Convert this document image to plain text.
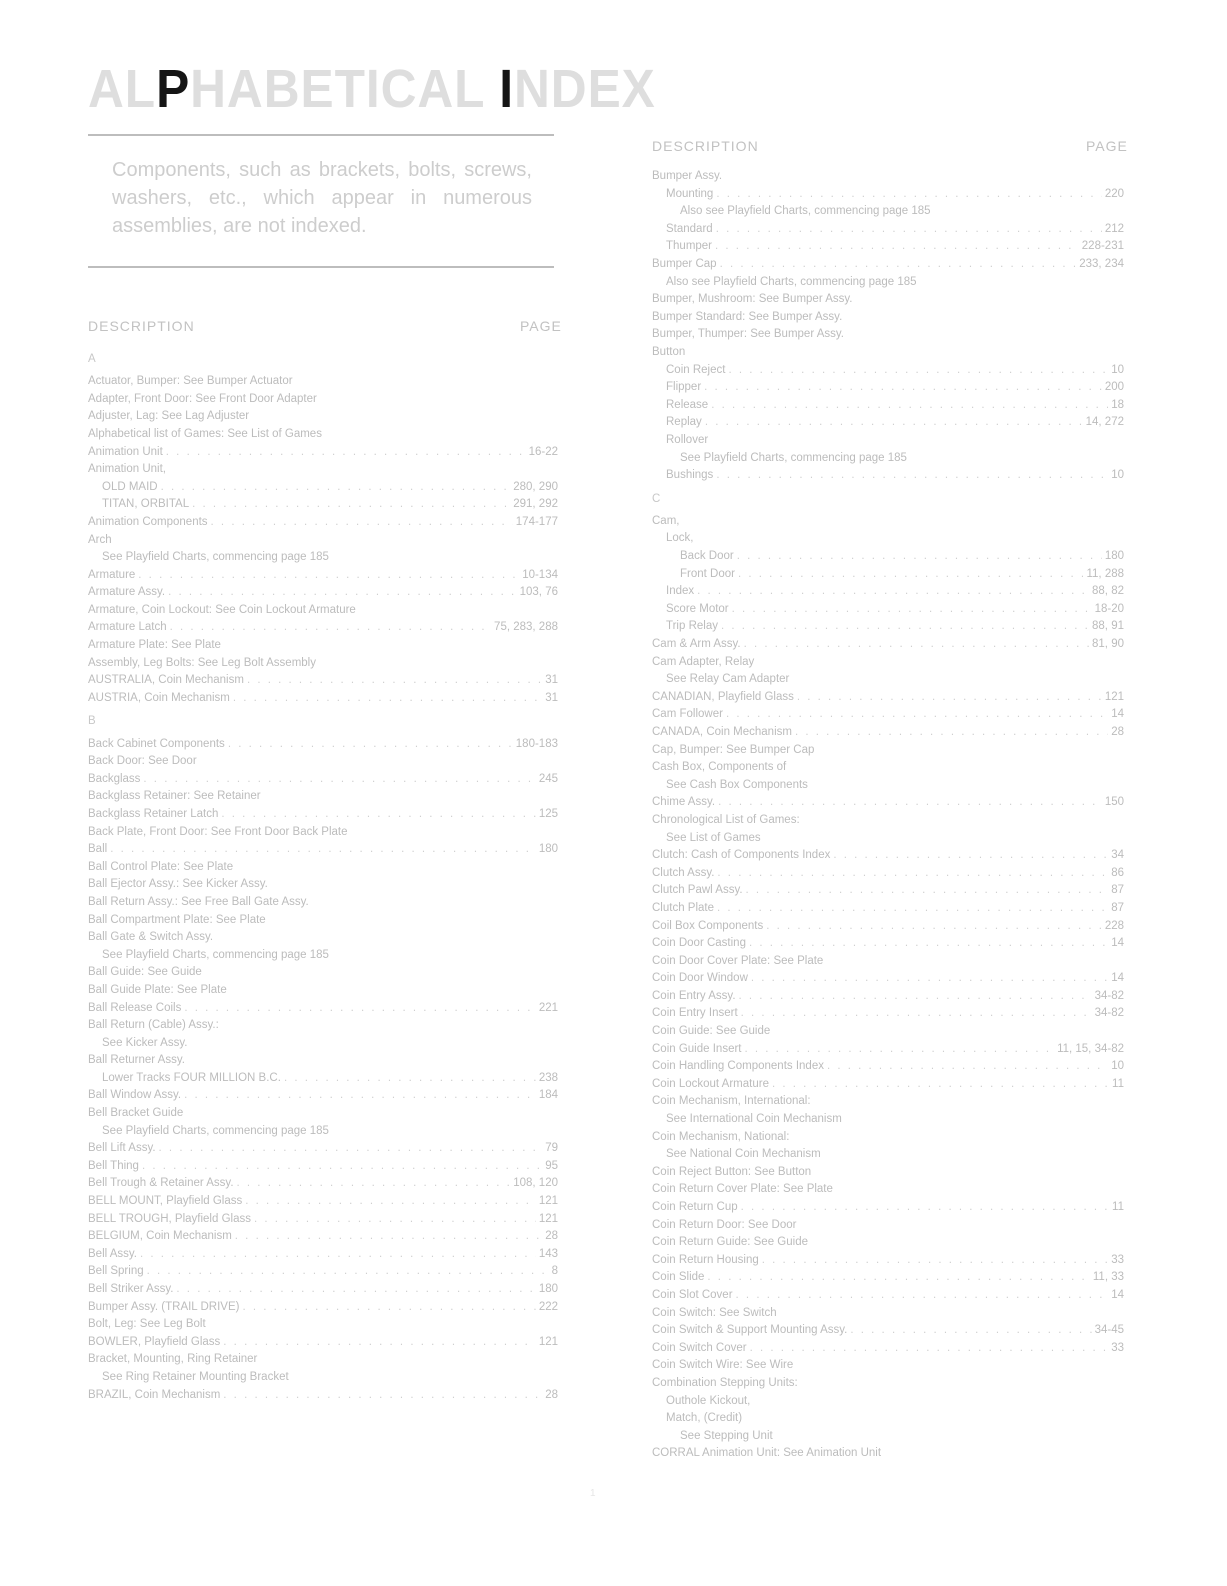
ALPHABETICAL INDEX
Components, such as brackets, bolts, screws, washers, etc., which appear in numerous assemblies, are not indexed.
DESCRIPTION	PAGE
DESCRIPTION	PAGE
A
Actuator, Bumper: See Bumper Actuator
Adapter, Front Door: See Front Door Adapter
Adjuster, Lag: See Lag Adjuster
Alphabetical list of Games: See List of Games
Animation Unit . . .	16-22
Animation Unit,
OLD MAID . . .	280, 290
TITAN, ORBITAL . . .	291, 292
Animation Components . . .	174-177
Arch
See Playfield Charts, commencing page 185
Armature . . .	10-134
Armature Assy. . . .	103, 76
Armature, Coin Lockout: See Coin Lockout Armature
Armature Latch . . .	75, 283, 288
Armature Plate: See Plate
Assembly, Leg Bolts: See Leg Bolt Assembly
AUSTRALIA, Coin Mechanism . . .	31
AUSTRIA, Coin Mechanism . . .	31
B
Back Cabinet Components . . .	180-183
Back Door: See Door
Backglass . . .	245
Backglass Retainer: See Retainer
Backglass Retainer Latch . . .	125
Back Plate, Front Door: See Front Door Back Plate
Ball . . .	180
Ball Control Plate: See Plate
Ball Ejector Assy.: See Kicker Assy.
Ball Return Assy.: See Free Ball Gate Assy.
Ball Compartment Plate: See Plate
Ball Gate & Switch Assy.
See Playfield Charts, commencing page 185
Ball Guide: See Guide
Ball Guide Plate: See Plate
Ball Release Coils . . .	221
Ball Return (Cable) Assy.:
See Kicker Assy.
Ball Returner Assy.
Lower Tracks FOUR MILLION B.C. . . .	238
Ball Window Assy. . . .	184
Bell Bracket Guide
See Playfield Charts, commencing page 185
Bell Lift Assy. . . .	79
Bell Thing . . .	95
Bell Trough & Retainer Assy. . . .	108, 120
BELL MOUNT, Playfield Glass . . .	121
BELL TROUGH, Playfield Glass . . .	121
BELGIUM, Coin Mechanism . . .	28
Bell Assy. . . .	143
Bell Spring . . .	8
Bell Striker Assy. . . .	180
Bumper Assy. (TRAIL DRIVE) . . .	222
Bolt, Leg: See Leg Bolt
BOWLER, Playfield Glass . . .	121
Bracket, Mounting, Ring Retainer
See Ring Retainer Mounting Bracket
BRAZIL, Coin Mechanism . . .	28
Bumper Assy.
Mounting . . .	220
Also see Playfield Charts, commencing page 185
Standard . . .	212
Thumper . . .	228-231
Bumper Cap . . .	233, 234
Also see Playfield Charts, commencing page 185
Bumper, Mushroom: See Bumper Assy.
Bumper Standard: See Bumper Assy.
Bumper, Thumper: See Bumper Assy.
Button
Coin Reject . . .	10
Flipper . . .	200
Release . . .	18
Replay . . .	14, 272
Rollover
See Playfield Charts, commencing page 185
Bushings . . .	10
C
Cam,
Lock,
Back Door . . .	180
Front Door . . .	11, 288
Index . . .	88, 82
Score Motor . . .	18-20
Trip Relay . . .	88, 91
Cam & Arm Assy. . . .	81, 90
Cam Adapter, Relay
See Relay Cam Adapter
CANADIAN, Playfield Glass . . .	121
Cam Follower . . .	14
CANADA, Coin Mechanism . . .	28
Cap, Bumper: See Bumper Cap
Cash Box, Components of
See Cash Box Components
Chime Assy. . . .	150
Chronological List of Games:
See List of Games
Clutch: Cash of Components Index . . .	34
Clutch Assy. . . .	86
Clutch Pawl Assy. . . .	87
Clutch Plate . . .	87
Coil Box Components . . .	228
Coin Door Casting . . .	14
Coin Door Cover Plate: See Plate
Coin Door Window . . .	14
Coin Entry Assy. . . .	34-82
Coin Entry Insert . . .	34-82
Coin Guide: See Guide
Coin Guide Insert . . .	11, 15, 34-82
Coin Handling Components Index . . .	10
Coin Lockout Armature . . .	11
Coin Mechanism, International:
See International Coin Mechanism
Coin Mechanism, National:
See National Coin Mechanism
Coin Reject Button: See Button
Coin Return Cover Plate: See Plate
Coin Return Cup . . .	11
Coin Return Door: See Door
Coin Return Guide: See Guide
Coin Return Housing . . .	33
Coin Slide . . .	11, 33
Coin Slot Cover . . .	14
Coin Switch: See Switch
Coin Switch & Support Mounting Assy. . . .	34-45
Coin Switch Cover . . .	33
Coin Switch Wire: See Wire
Combination Stepping Units:
Outhole Kickout,
Match, (Credit)
See Stepping Unit
CORRAL Animation Unit: See Animation Unit
1
